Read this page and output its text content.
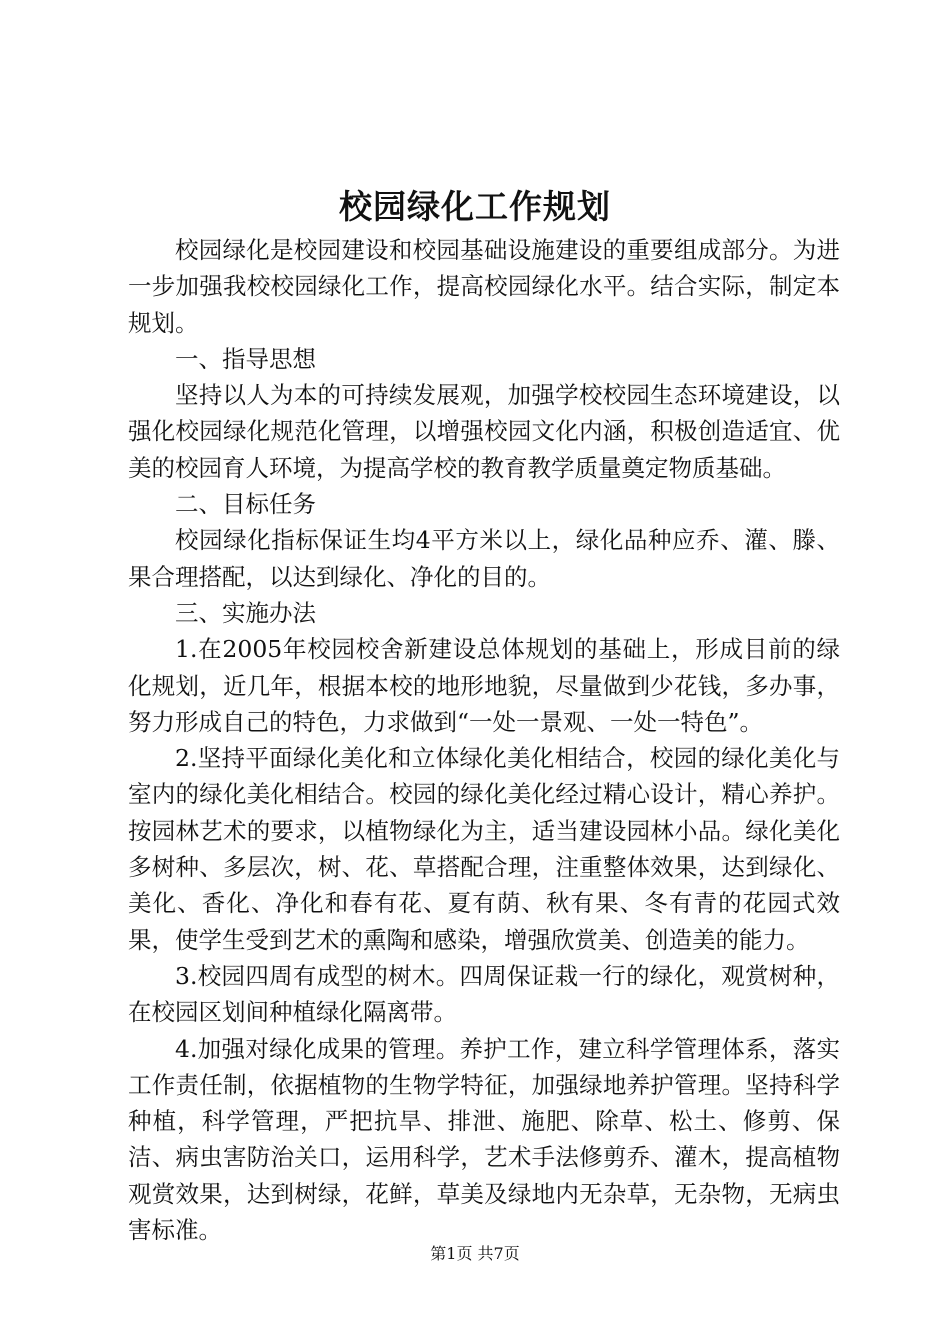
校园绿化工作规划

校园绿化是校园建设和校园基础设施建设的重要组成部分。为进一步加强我校校园绿化工作，提高校园绿化水平。结合实际，制定本规划。

一、指导思想

坚持以人为本的可持续发展观，加强学校校园生态环境建设，以强化校园绿化规范化管理，以增强校园文化内涵，积极创造适宜、优美的校园育人环境，为提高学校的教育教学质量奠定物质基础。

二、目标任务

校园绿化指标保证生均4平方米以上，绿化品种应乔、灌、滕、果合理搭配，以达到绿化、净化的目的。

三、实施办法

1.在2005年校园校舍新建设总体规划的基础上，形成目前的绿化规划，近几年，根据本校的地形地貌，尽量做到少花钱，多办事，努力形成自己的特色，力求做到“一处一景观、一处一特色”。

2.坚持平面绿化美化和立体绿化美化相结合，校园的绿化美化与室内的绿化美化相结合。校园的绿化美化经过精心设计，精心养护。按园林艺术的要求，以植物绿化为主，适当建设园林小品。绿化美化多树种、多层次，树、花、草搭配合理，注重整体效果，达到绿化、美化、香化、净化和春有花、夏有荫、秋有果、冬有青的花园式效果，使学生受到艺术的熏陶和感染，增强欣赏美、创造美的能力。

3.校园四周有成型的树木。四周保证栽一行的绿化，观赏树种，在校园区划间种植绿化隔离带。

4.加强对绿化成果的管理。养护工作，建立科学管理体系，落实工作责任制，依据植物的生物学特征，加强绿地养护管理。坚持科学种植，科学管理，严把抗旱、排泄、施肥、除草、松土、修剪、保洁、病虫害防治关口，运用科学，艺术手法修剪乔、灌木，提高植物观赏效果，达到树绿，花鲜，草美及绿地内无杂草，无杂物，无病虫害标准。

第1页 共7页
